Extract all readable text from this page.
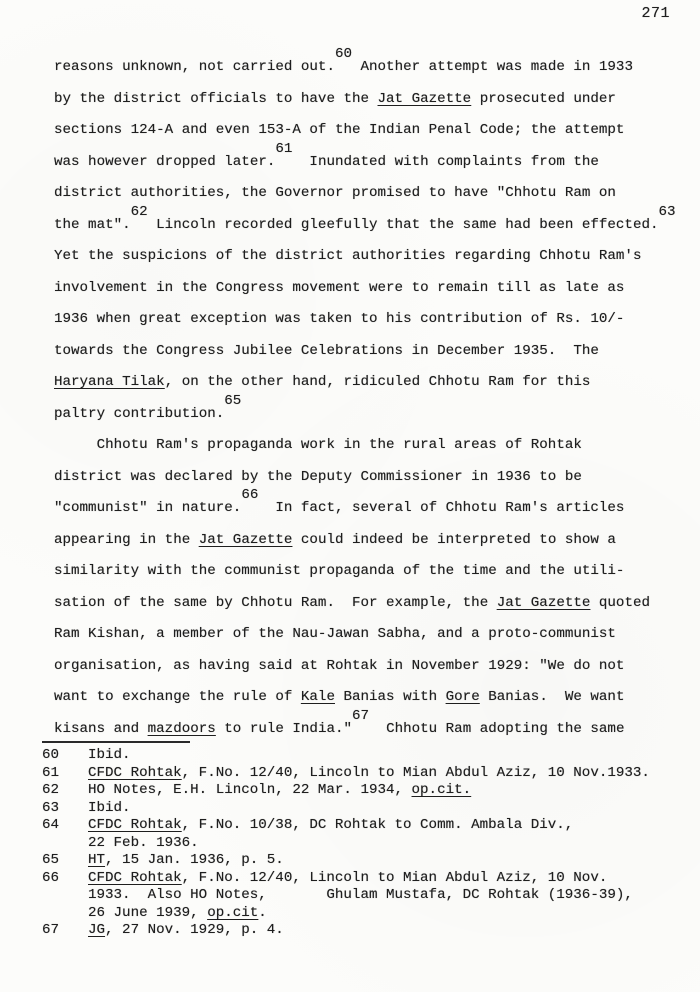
271
reasons unknown, not carried out.60 Another attempt was made in 1933
by the district officials to have the Jat Gazette prosecuted under
sections 124-A and even 153-A of the Indian Penal Code; the attempt
was however dropped later.61  Inundated with complaints from the
district authorities, the Governor promised to have "Chhotu Ram on
the mat".62 Lincoln recorded gleefully that the same had been effected.63
Yet the suspicions of the district authorities regarding Chhotu Ram's
involvement in the Congress movement were to remain till as late as
1936 when great exception was taken to his contribution of Rs. 10/-
towards the Congress Jubilee Celebrations in December 1935.  The
Haryana Tilak, on the other hand, ridiculed Chhotu Ram for this
paltry contribution.65
Chhotu Ram's propaganda work in the rural areas of Rohtak
district was declared by the Deputy Commissioner in 1936 to be
"communist" in nature.66  In fact, several of Chhotu Ram's articles
appearing in the Jat Gazette could indeed be interpreted to show a
similarity with the communist propaganda of the time and the utili-
sation of the same by Chhotu Ram.  For example, the Jat Gazette quoted
Ram Kishan, a member of the Nau-Jawan Sabha, and a proto-communist
organisation, as having said at Rohtak in November 1929: "We do not
want to exchange the rule of Kale Banias with Gore Banias.  We want
kisans and mazdoors to rule India."67  Chhotu Ram adopting the same
60	Ibid.
61	CFDC Rohtak, F.No. 12/40, Lincoln to Mian Abdul Aziz, 10 Nov.1933.
62	HO Notes, E.H. Lincoln, 22 Mar. 1934, op.cit.
63	Ibid.
64	CFDC Rohtak, F.No. 10/38, DC Rohtak to Comm. Ambala Div.,
22 Feb. 1936.
65	HT, 15 Jan. 1936, p. 5.
66	CFDC Rohtak, F.No. 12/40, Lincoln to Mian Abdul Aziz, 10 Nov.
1933.  Also HO Notes,       Ghulam Mustafa, DC Rohtak (1936-39),
26 June 1939, op.cit.
67	JG, 27 Nov. 1929, p. 4.
